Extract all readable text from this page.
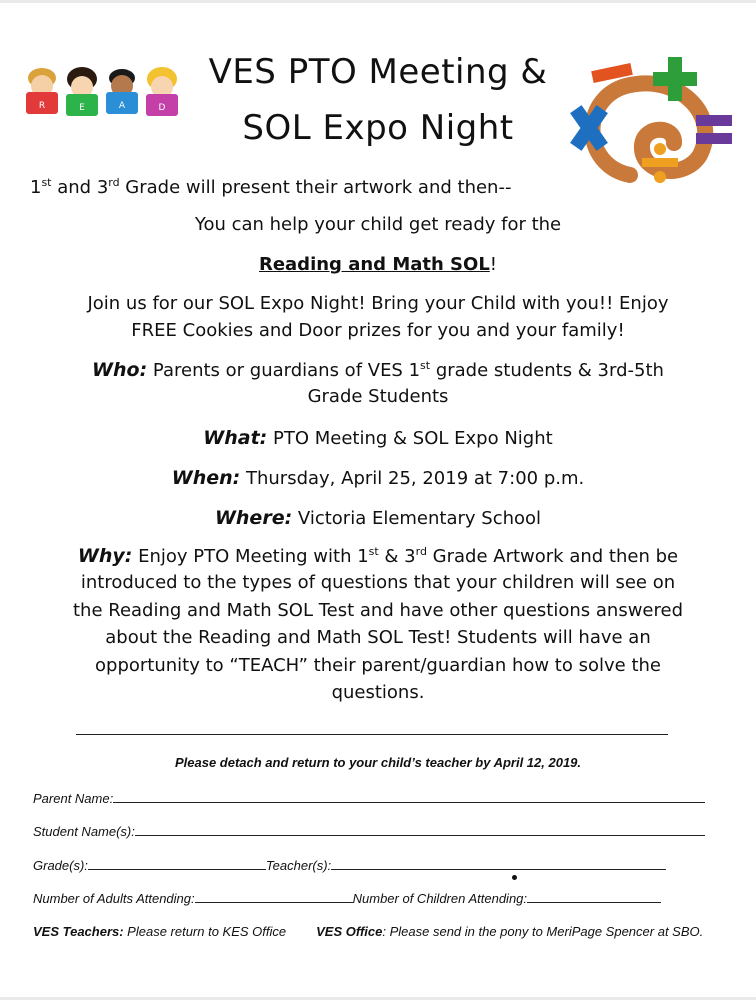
R	E	A	D
VES PTO Meeting &
SOL Expo Night
1st and 3rd Grade will present their artwork and then--
You can help your child get ready for the
Reading and Math SOL!
Join us for our SOL Expo Night! Bring your Child with you!! Enjoy
FREE Cookies and Door prizes for you and your family!
Who: Parents or guardians of VES 1st grade students & 3rd-5th
Grade Students
What: PTO Meeting & SOL Expo Night
When: Thursday, April 25, 2019 at 7:00 p.m.
Where: Victoria Elementary School
Why: Enjoy PTO Meeting with 1st & 3rd Grade Artwork and then be
introduced to the types of questions that your children will see on
the Reading and Math SOL Test and have other questions answered
about the Reading and Math SOL Test! Students will have an
opportunity to “TEACH” their parent/guardian how to solve the
questions.
Please detach and return to your child’s teacher by April 12, 2019.
Parent Name:
Student Name(s):
Grade(s):	Teacher(s):
Number of Adults Attending:	Number of Children Attending:
VES Teachers: Please return to KES Office VES Office: Please send in the pony to MeriPage Spencer at SBO.
